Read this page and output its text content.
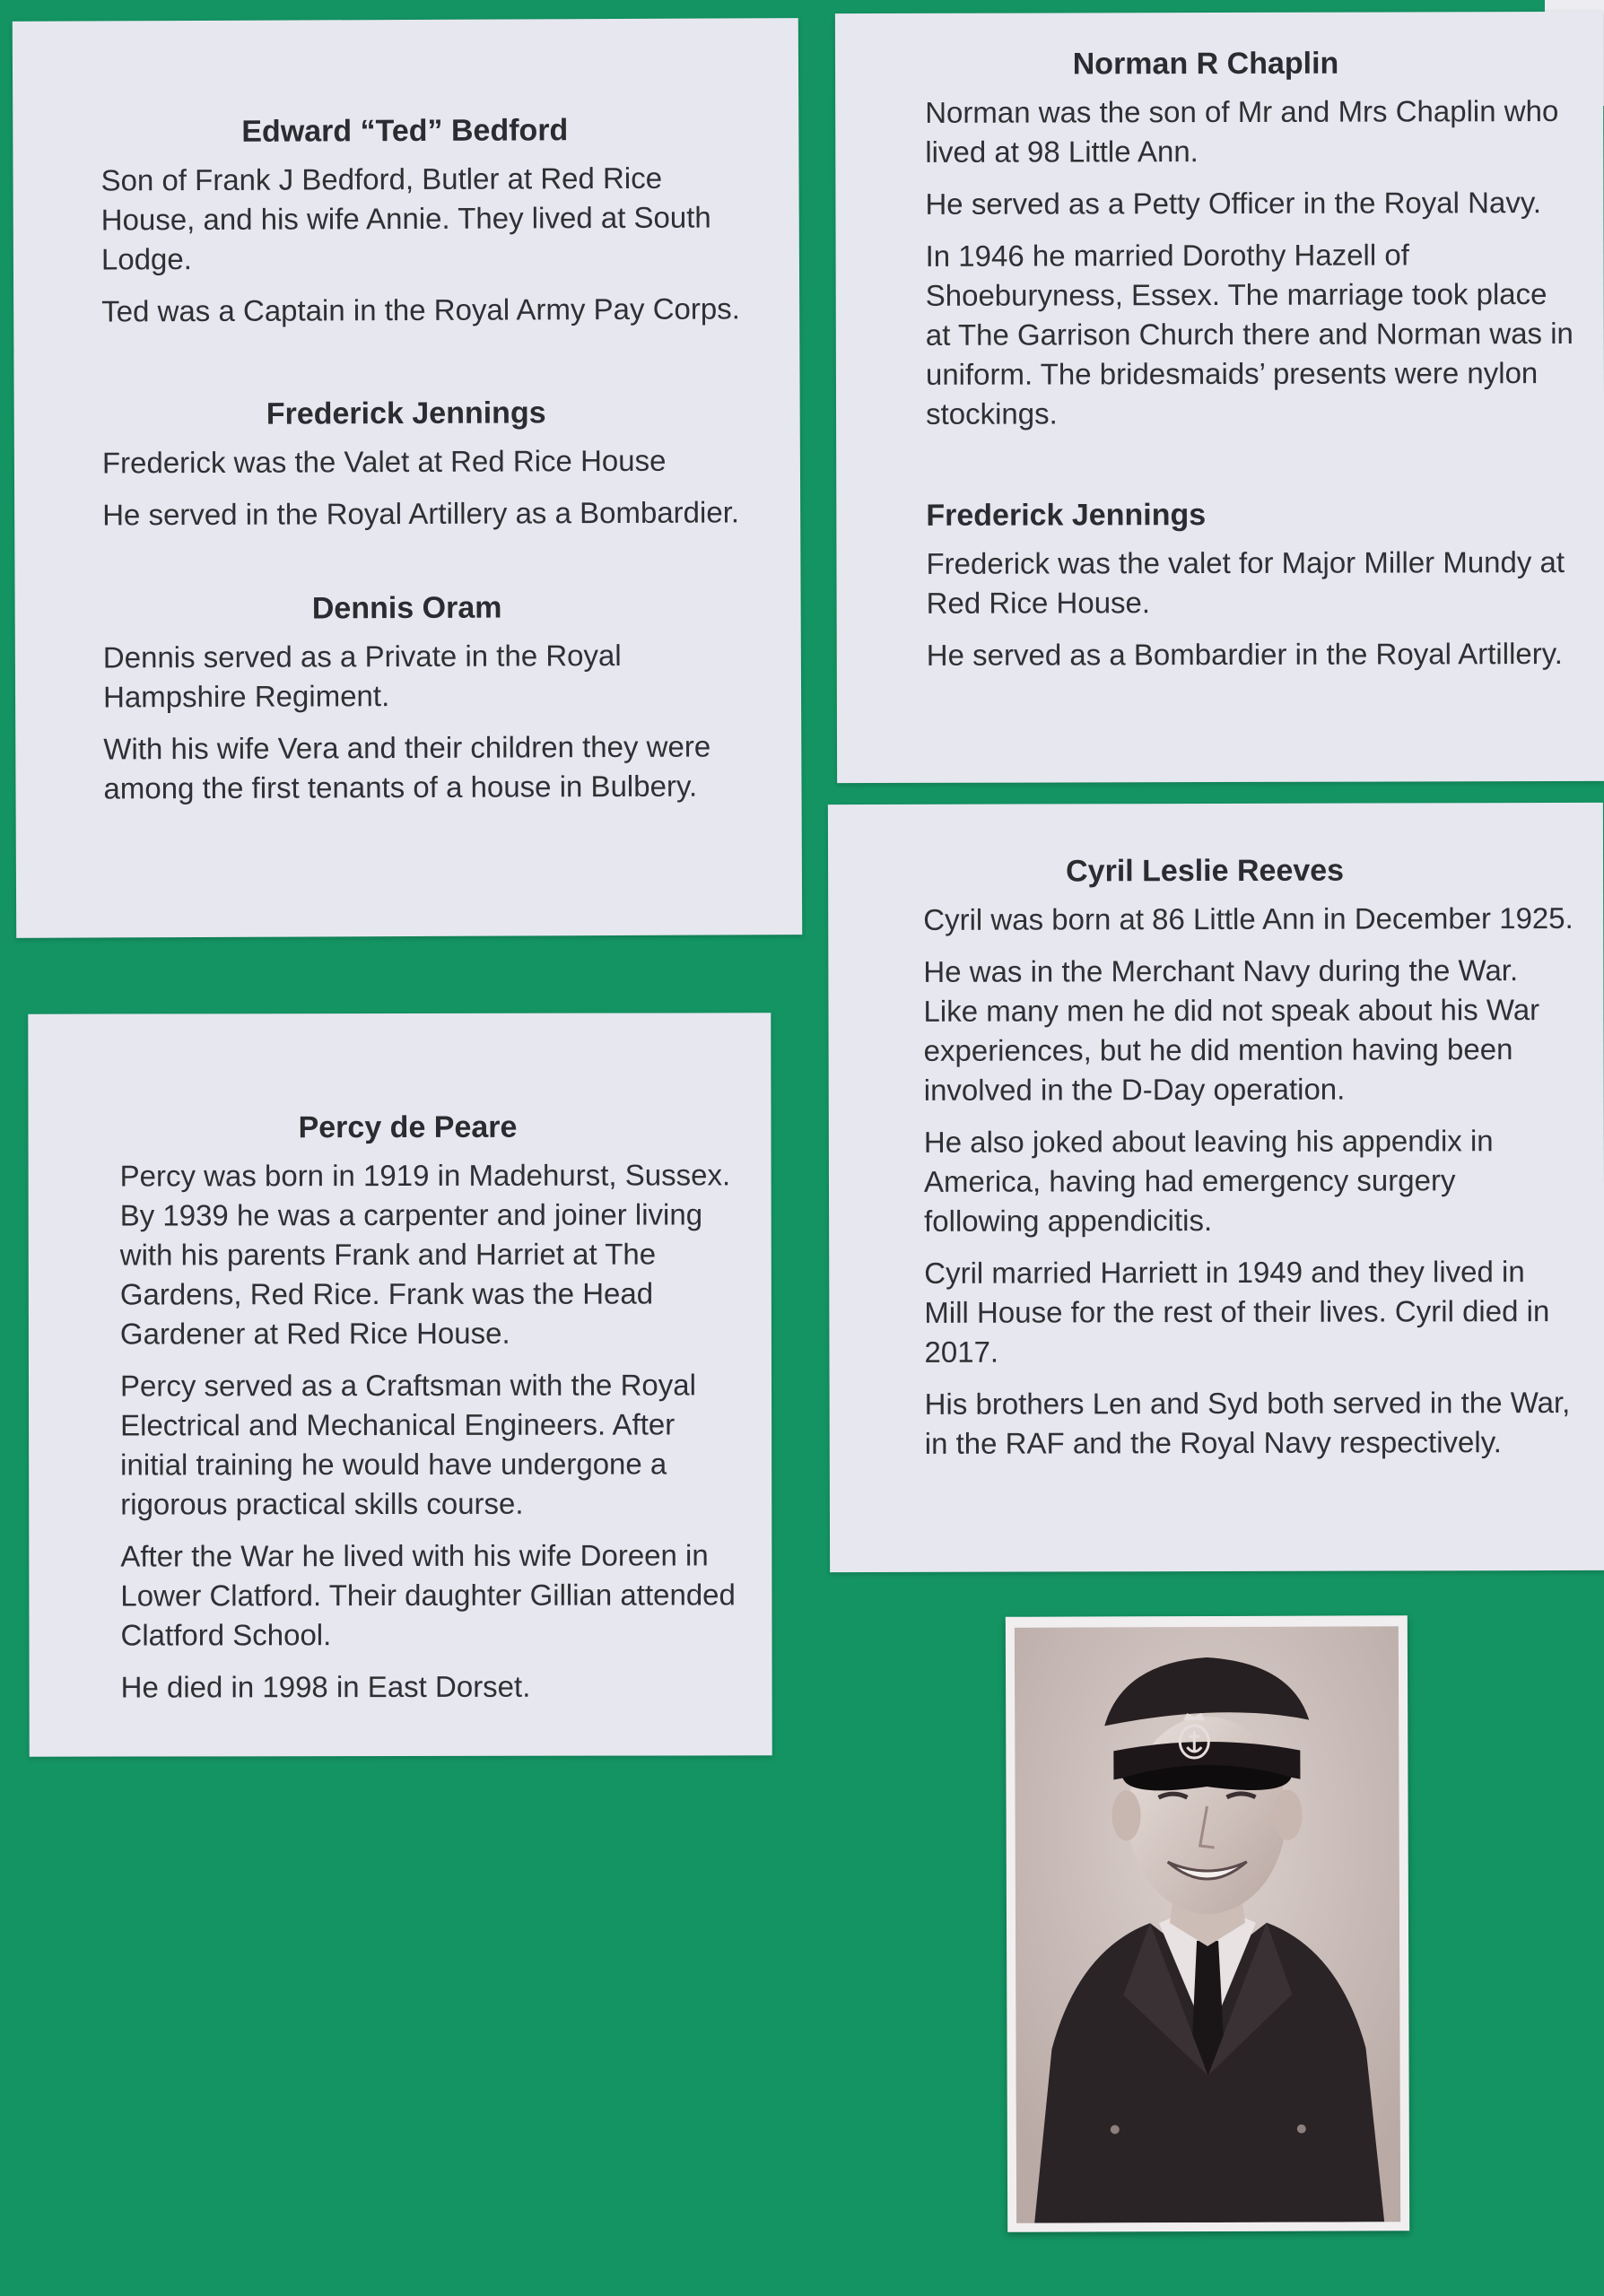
Edward “Ted” Bedford

Son of Frank J Bedford, Butler at Red Rice House, and his wife Annie. They lived at South Lodge.

Ted was a Captain in the Royal Army Pay Corps.

Frederick Jennings

Frederick was the Valet at Red Rice House

He served in the Royal Artillery as a Bombardier.

Dennis Oram

Dennis served as a Private in the Royal Hampshire Regiment.

With his wife Vera and their children they were among the first tenants of a house in Bulbery.

Norman R Chaplin

Norman was the son of Mr and Mrs Chaplin who lived at 98 Little Ann.

He served as a Petty Officer in the Royal Navy.

In 1946 he married Dorothy Hazell of Shoeburyness, Essex. The marriage took place at The Garrison Church there and Norman was in uniform. The bridesmaids’ presents were nylon stockings.

Frederick Jennings

Frederick was the valet for Major Miller Mundy at Red Rice House.

He served as a Bombardier in the Royal Artillery.

Percy de Peare

Percy was born in 1919 in Madehurst, Sussex. By 1939 he was a carpenter and joiner living with his parents Frank and Harriet at The Gardens, Red Rice. Frank was the Head Gardener at Red Rice House.

Percy served as a Craftsman with the Royal Electrical and Mechanical Engineers. After initial training he would have undergone a rigorous practical skills course.

After the War he lived with his wife Doreen in Lower Clatford. Their daughter Gillian attended Clatford School.

He died in 1998 in East Dorset.

Cyril Leslie Reeves

Cyril was born at 86 Little Ann in December 1925.

He was in the Merchant Navy during the War. Like many men he did not speak about his War experiences, but he did mention having been involved in the D-Day operation.

He also joked about leaving his appendix in America, having had emergency surgery following appendicitis.

Cyril married Harriett in 1949 and they lived in Mill House for the rest of their lives. Cyril died in 2017.

His brothers Len and Syd both served in the War, in the RAF and the Royal Navy respectively.
